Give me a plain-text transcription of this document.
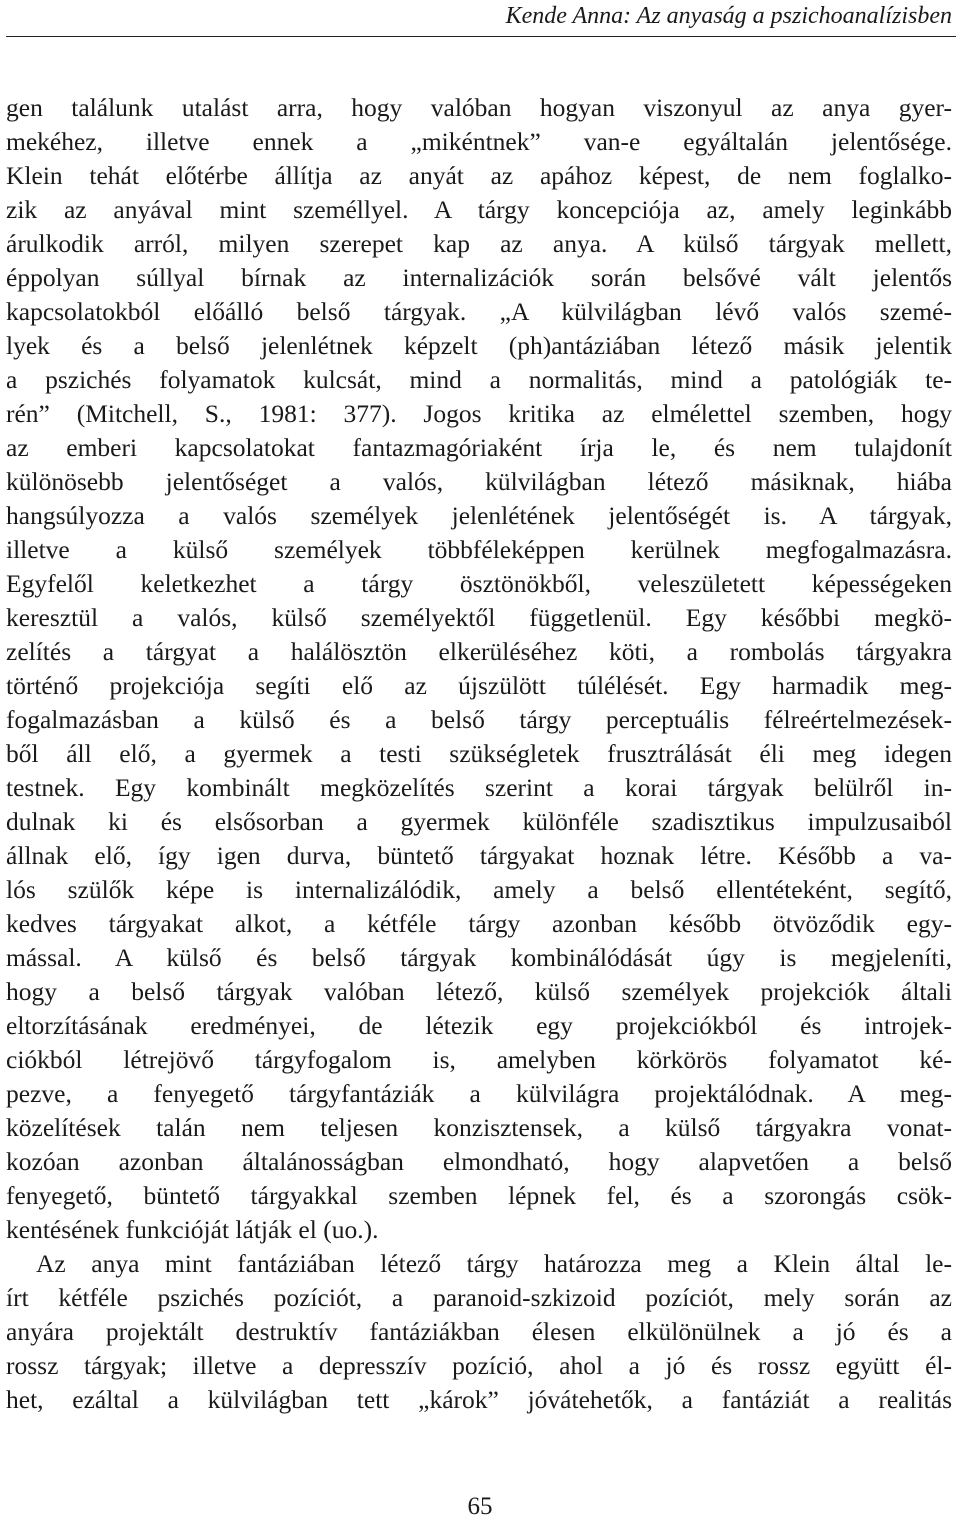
Kende Anna: Az anyaság a pszichoanalízisben
gen találunk utalást arra, hogy valóban hogyan viszonyul az anya gyer-
mekéhez, illetve ennek a „mikéntnek” van-e egyáltalán jelentősége.
Klein tehát előtérbe állítja az anyát az apához képest, de nem foglalko-
zik az anyával mint személlyel. A tárgy koncepciója az, amely leginkább
árulkodik arról, milyen szerepet kap az anya. A külső tárgyak mellett,
éppolyan súllyal bírnak az internalizációk során belsővé vált jelentős
kapcsolatokból előálló belső tárgyak. „A külvilágban lévő valós szemé-
lyek és a belső jelenlétnek képzelt (ph)antáziában létező másik jelentik
a pszichés folyamatok kulcsát, mind a normalitás, mind a patológiák te-
rén” (Mitchell, S., 1981: 377). Jogos kritika az elmélettel szemben, hogy
az emberi kapcsolatokat fantazmagóriaként írja le, és nem tulajdonít
különösebb jelentőséget a valós, külvilágban létező másiknak, hiába
hangsúlyozza a valós személyek jelenlétének jelentőségét is. A tárgyak,
illetve a külső személyek többféleképpen kerülnek megfogalmazásra.
Egyfelől keletkezhet a tárgy ösztönökből, veleszületett képességeken
keresztül a valós, külső személyektől függetlenül. Egy későbbi megkö-
zelítés a tárgyat a halálösztön elkerüléséhez köti, a rombolás tárgyakra
történő projekciója segíti elő az újszülött túlélését. Egy harmadik meg-
fogalmazásban a külső és a belső tárgy perceptuális félreértelmezések-
ből áll elő, a gyermek a testi szükségletek frusztrálását éli meg idegen
testnek. Egy kombinált megközelítés szerint a korai tárgyak belülről in-
dulnak ki és elsősorban a gyermek különféle szadisztikus impulzusaiból
állnak elő, így igen durva, büntető tárgyakat hoznak létre. Később a va-
lós szülők képe is internalizálódik, amely a belső ellentéteként, segítő,
kedves tárgyakat alkot, a kétféle tárgy azonban később ötvöződik egy-
mással. A külső és belső tárgyak kombinálódását úgy is megjeleníti,
hogy a belső tárgyak valóban létező, külső személyek projekciók általi
eltorzításának eredményei, de létezik egy projekciókból és introjek-
ciókból létrejövő tárgyfogalom is, amelyben körkörös folyamatot ké-
pezve, a fenyegető tárgyfantáziák a külvilágra projektálódnak. A meg-
közelítések talán nem teljesen konzisztensek, a külső tárgyakra vonat-
kozóan azonban általánosságban elmondható, hogy alapvetően a belső
fenyegető, büntető tárgyakkal szemben lépnek fel, és a szorongás csök-
kentésének funkcióját látják el (uo.).
Az anya mint fantáziában létező tárgy határozza meg a Klein által le-
írt kétféle pszichés pozíciót, a paranoid-szkizoid pozíciót, mely során az
anyára projektált destruktív fantáziákban élesen elkülönülnek a jó és a
rossz tárgyak; illetve a depresszív pozíció, ahol a jó és rossz együtt él-
het, ezáltal a külvilágban tett „károk” jóvátehetők, a fantáziát a realitás
65
